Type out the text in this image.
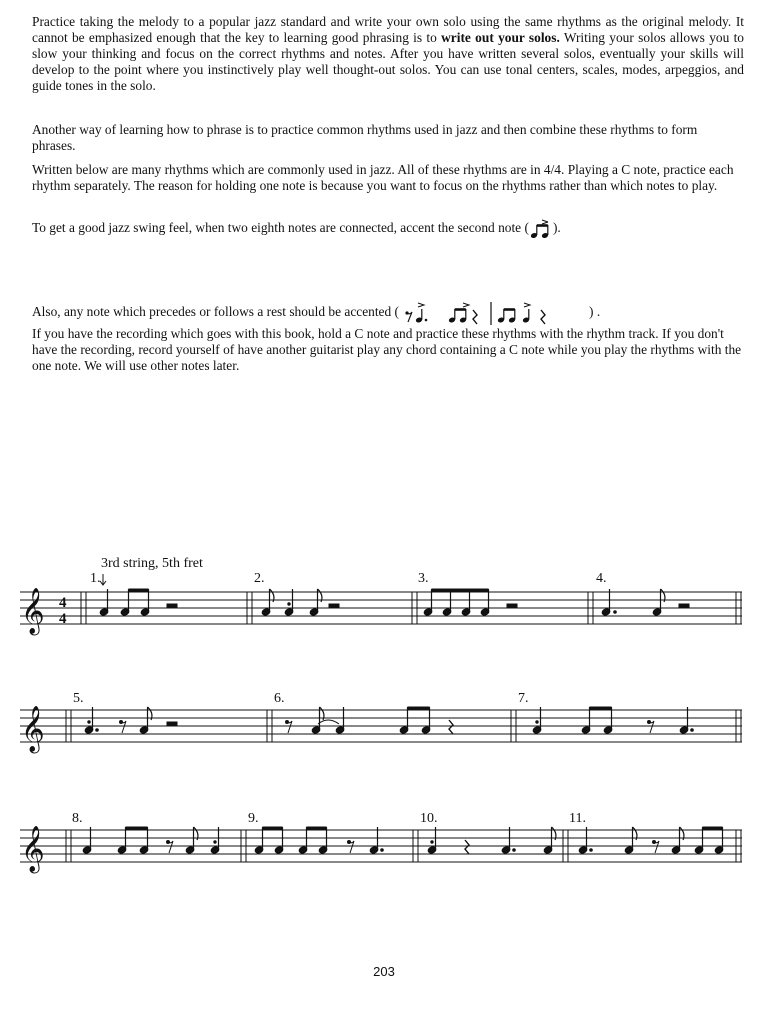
Practice taking the melody to a popular jazz standard and write your own solo using the same rhythms as the original melody. It cannot be emphasized enough that the key to learning good phrasing is to write out your solos. Writing your solos allows you to slow your thinking and focus on the correct rhythms and notes. After you have written several solos, eventually your skills will develop to the point where you instinctively play well thought-out solos. You can use tonal centers, scales, modes, arpeggios, and guide tones in the solo.

Another way of learning how to phrase is to practice common rhythms used in jazz and then combine these rhythms to form phrases.

Written below are many rhythms which are commonly used in jazz. All of these rhythms are in 4/4. Playing a C note, practice each rhythm separately. The reason for holding one note is because you want to focus on the rhythms rather than which notes to play.

To get a good jazz swing feel, when two eighth notes are connected, accent the second note ( ).

Also, any note which precedes or follows a rest should be accented (	) .

If you have the recording which goes with this book, hold a C note and practice these rhythms with the rhythm track. If you don't have the recording, record yourself of have another guitarist play any chord containing a C note while you play the rhythms with the one note. We will use other notes later.

3rd string, 5th fret
1.	2.	3.	4.
𝄞 4
4
5.	6.	7.
𝄞
8.	9.	10.	11.
𝄞
203
